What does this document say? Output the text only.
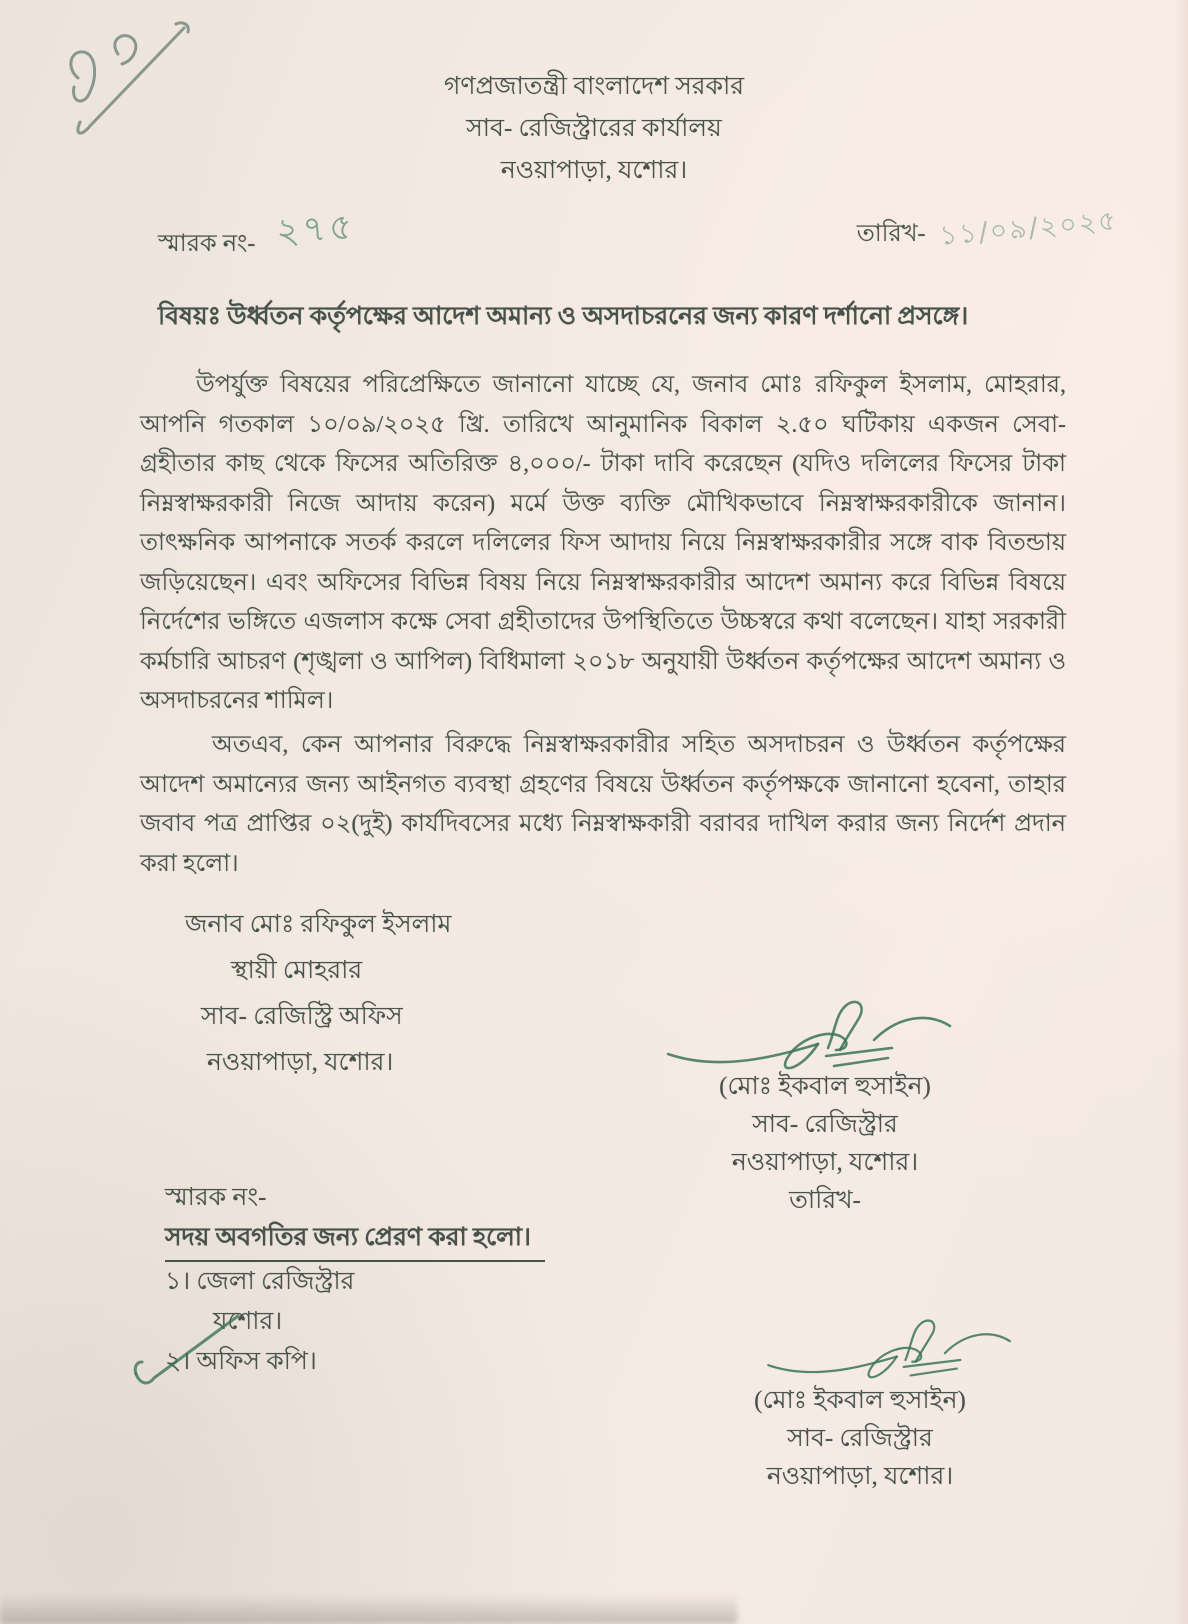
গণপ্রজাতন্ত্রী বাংলাদেশ সরকার
সাব- রেজিস্ট্রারের কার্যালয়
নওয়াপাড়া, যশোর।
স্মারক নং- ২৭৫	তারিখ- ১১/০৯/২০২৫
বিষয়ঃ উর্ধ্বতন কর্তৃপক্ষের আদেশ অমান্য ও অসদাচরনের জন্য কারণ দর্শানো প্রসঙ্গে।
উপর্যুক্ত বিষয়ের পরিপ্রেক্ষিতে জানানো যাচ্ছে যে, জনাব মোঃ রফিকুল ইসলাম, মোহরার, আপনি গতকাল ১০/০৯/২০২৫ খ্রি. তারিখে আনুমানিক বিকাল ২.৫০ ঘটিকায় একজন সেবা-গ্রহীতার কাছ থেকে ফিসের অতিরিক্ত ৪,০০০/- টাকা দাবি করেছেন (যদিও দলিলের ফিসের টাকা নিম্নস্বাক্ষরকারী নিজে আদায় করেন) মর্মে উক্ত ব্যক্তি মৌখিকভাবে নিম্নস্বাক্ষরকারীকে জানান। তাৎক্ষনিক আপনাকে সতর্ক করলে দলিলের ফিস আদায় নিয়ে নিম্নস্বাক্ষরকারীর সঙ্গে বাক বিতন্ডায় জড়িয়েছেন। এবং অফিসের বিভিন্ন বিষয় নিয়ে নিম্নস্বাক্ষরকারীর আদেশ অমান্য করে বিভিন্ন বিষয়ে নির্দেশের ভঙ্গিতে এজলাস কক্ষে সেবা গ্রহীতাদের উপস্থিতিতে উচ্চস্বরে কথা বলেছেন। যাহা সরকারী কর্মচারি আচরণ (শৃঙ্খলা ও আপিল) বিধিমালা ২০১৮ অনুযায়ী উর্ধ্বতন কর্তৃপক্ষের আদেশ অমান্য ও অসদাচরনের শামিল।
অতএব, কেন আপনার বিরুদ্ধে নিম্নস্বাক্ষরকারীর সহিত অসদাচরন ও উর্ধ্বতন কর্তৃপক্ষের আদেশ অমান্যের জন্য আইনগত ব্যবস্থা গ্রহণের বিষয়ে উর্ধ্বতন কর্তৃপক্ষকে জানানো হবেনা, তাহার জবাব পত্র প্রাপ্তির ০২(দুই) কার্যদিবসের মধ্যে নিম্নস্বাক্ষকারী বরাবর দাখিল করার জন্য নির্দেশ প্রদান করা হলো।
জনাব মোঃ রফিকুল ইসলাম
স্থায়ী মোহরার
সাব- রেজিস্ট্রি অফিস
নওয়াপাড়া, যশোর।
(মোঃ ইকবাল হুসাইন)
সাব- রেজিস্ট্রার
নওয়াপাড়া, যশোর।
তারিখ-
স্মারক নং-
সদয় অবগতির জন্য প্রেরণ করা হলো।
১। জেলা রেজিস্ট্রার
যশোর।
২। অফিস কপি।
(মোঃ ইকবাল হুসাইন)
সাব- রেজিস্ট্রার
নওয়াপাড়া, যশোর।
